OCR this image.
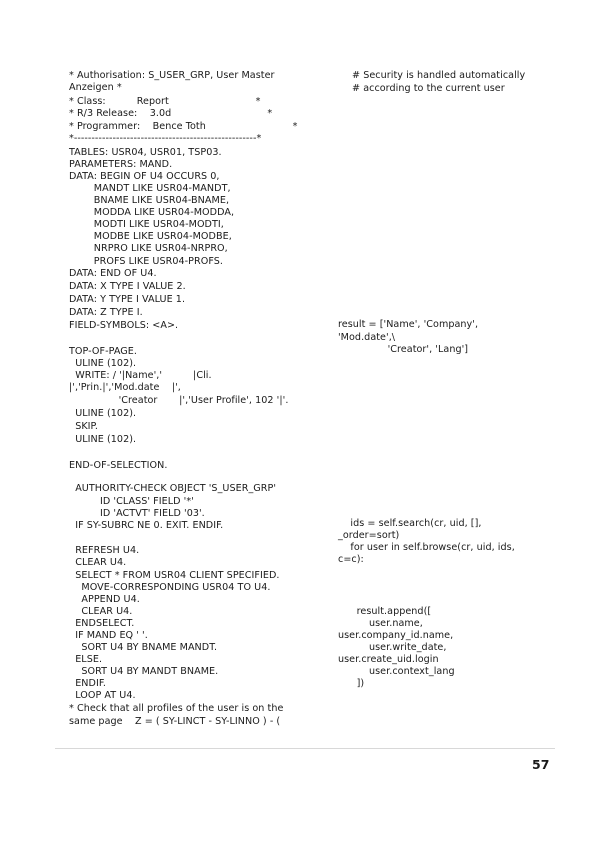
* Authorisation: S_USER_GRP, User Master
Anzeigen *
* Class:          Report                            *
* R/3 Release:    3.0d                               *
* Programmer:    Bence Toth                            *
*----------------------------------------------------*
TABLES: USR04, USR01, TSP03.
PARAMETERS: MAND.
DATA: BEGIN OF U4 OCCURS 0,
MANDT LIKE USR04-MANDT,
BNAME LIKE USR04-BNAME,
MODDA LIKE USR04-MODDA,
MODTI LIKE USR04-MODTI,
MODBE LIKE USR04-MODBE,
NRPRO LIKE USR04-NRPRO,
PROFS LIKE USR04-PROFS.
DATA: END OF U4.
DATA: X TYPE I VALUE 2.
DATA: Y TYPE I VALUE 1.
DATA: Z TYPE I.
FIELD-SYMBOLS: <A>.
TOP-OF-PAGE.
ULINE (102).
WRITE: / '|Name','          |Cli.
|','Prin.|','Mod.date    |',
'Creator       |','User Profile', 102 '|'.
ULINE (102).
SKIP.
ULINE (102).
END-OF-SELECTION.
AUTHORITY-CHECK OBJECT 'S_USER_GRP'
ID 'CLASS' FIELD '*'
ID 'ACTVT' FIELD '03'.
IF SY-SUBRC NE 0. EXIT. ENDIF.
REFRESH U4.
CLEAR U4.
SELECT * FROM USR04 CLIENT SPECIFIED.
MOVE-CORRESPONDING USR04 TO U4.
APPEND U4.
CLEAR U4.
ENDSELECT.
IF MAND EQ ' '.
SORT U4 BY BNAME MANDT.
ELSE.
SORT U4 BY MANDT BNAME.
ENDIF.
LOOP AT U4.
* Check that all profiles of the user is on the
same page    Z = ( SY-LINCT - SY-LINNO ) - (
# Security is handled automatically
# according to the current user
result = ['Name', 'Company',
'Mod.date',\
'Creator', 'Lang']
ids = self.search(cr, uid, [],
_order=sort)
for user in self.browse(cr, uid, ids,
c=c):
result.append([
user.name,
user.company_id.name,
user.write_date,
user.create_uid.login
user.context_lang
])
57
